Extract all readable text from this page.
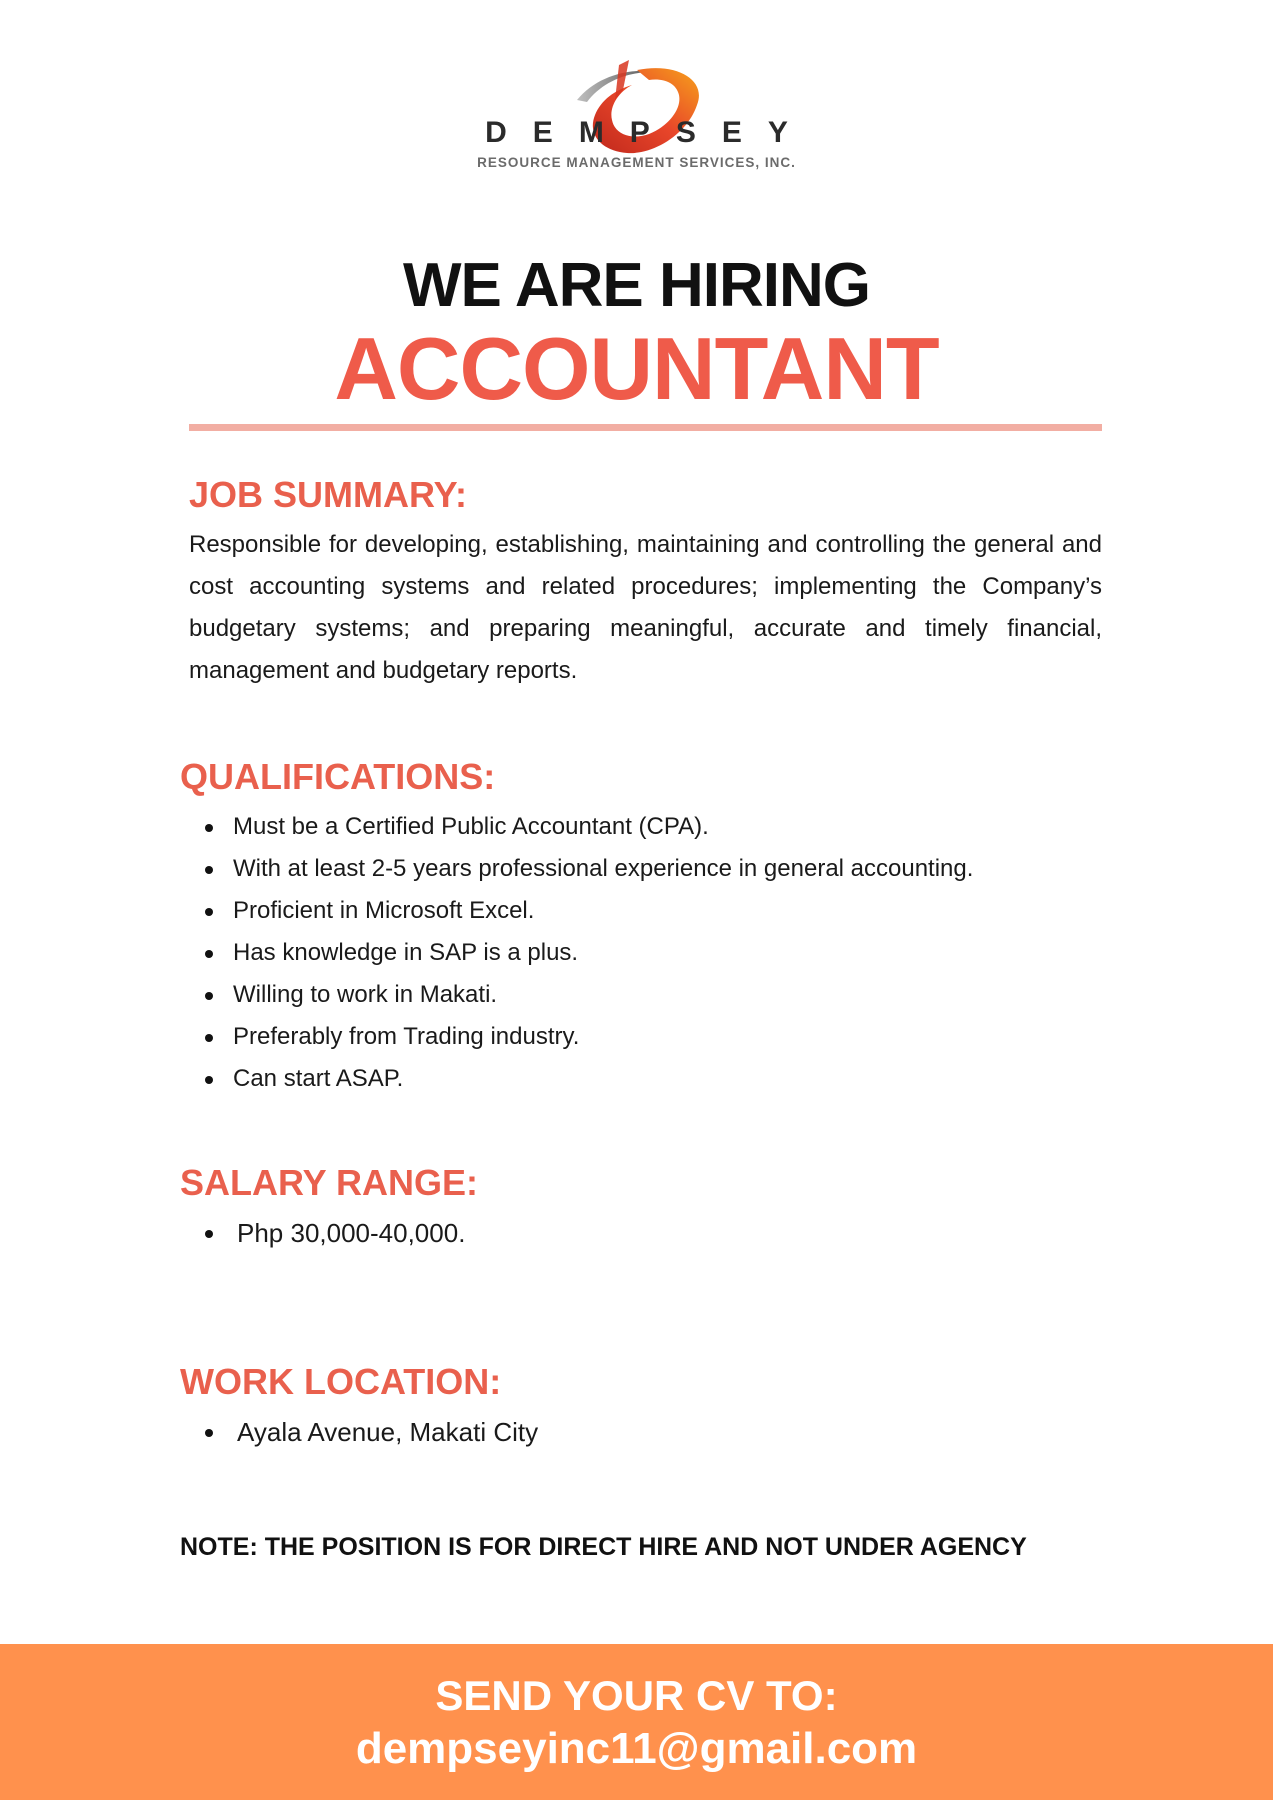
DEMPSEY
RESOURCE MANAGEMENT SERVICES, INC.
WE ARE HIRING
ACCOUNTANT
JOB SUMMARY:

Responsible for developing, establishing, maintaining and controlling the general and cost accounting systems and related procedures; implementing the Company’s budgetary systems; and preparing meaningful, accurate and timely financial, management and budgetary reports.

QUALIFICATIONS:
Must be a Certified Public Accountant (CPA).
With at least 2-5 years professional experience in general accounting.
Proficient in Microsoft Excel.
Has knowledge in SAP is a plus.
Willing to work in Makati.
Preferably from Trading industry.
Can start ASAP.
SALARY RANGE:
Php 30,000-40,000.
WORK LOCATION:
Ayala Avenue, Makati City
NOTE: THE POSITION IS FOR DIRECT HIRE AND NOT UNDER AGENCY
SEND YOUR CV TO:
dempseyinc11@gmail.com
